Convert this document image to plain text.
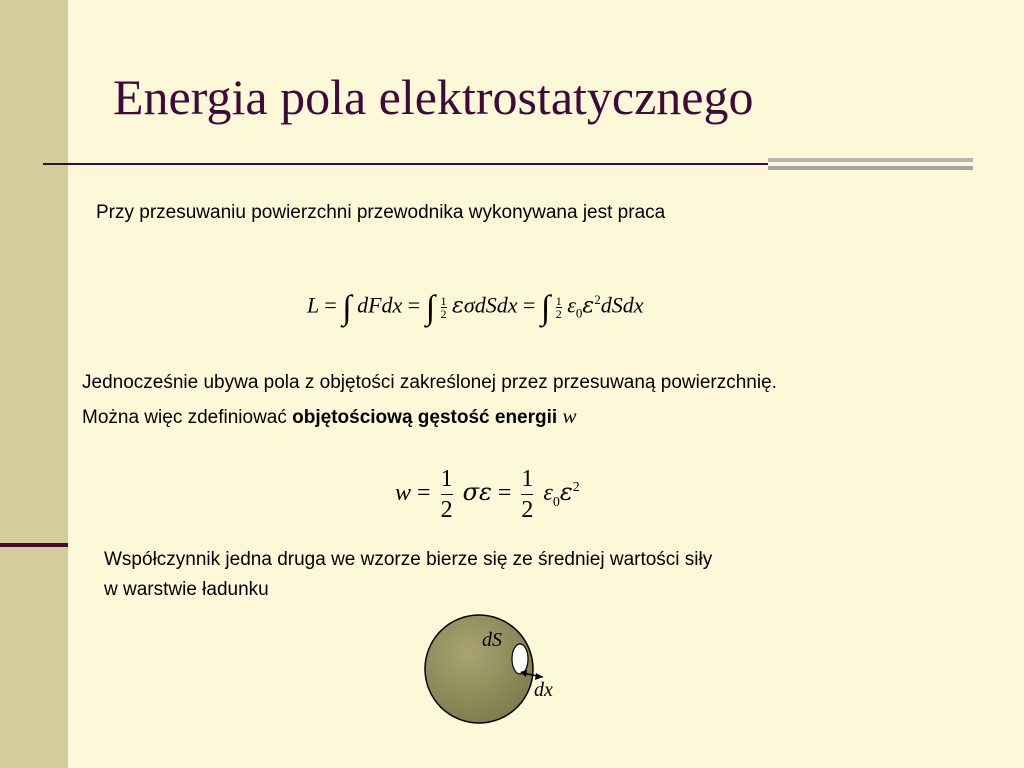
Energia pola elektrostatycznego

Przy przesuwaniu powierzchni przewodnika wykonywana jest praca

L = ∫ dFdx = ∫ $\frac{1}{2}$ εσdSdx = ∫ $\frac{1}{2}$ $\varepsilon_0\varepsilon^2dSdx$

Jednocześnie ubywa pola z objętości zakreślonej przez przesuwaną powierzchnię.

Można więc zdefiniować objętościową gęstość energii w

$w = \frac{1}{2}$ $\sigma\varepsilon = \frac{1}{2} \varepsilon_0\varepsilon^2$

Współczynnik jedna druga we wzorze bierze się ze średniej wartości siły

w warstwie ładunku

dS
dx
